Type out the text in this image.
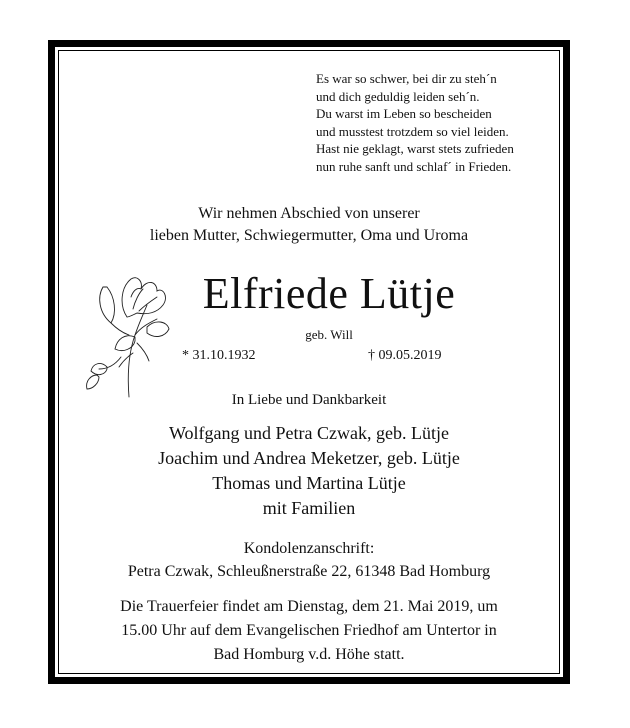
Es war so schwer, bei dir zu steh´n
und dich geduldig leiden seh´n.
Du warst im Leben so bescheiden
und musstest trotzdem so viel leiden.
Hast nie geklagt, warst stets zufrieden
nun ruhe sanft und schlaf´ in Frieden.
Wir nehmen Abschied von unserer
lieben Mutter, Schwiegermutter, Oma und Uroma
Elfriede Lütje
geb. Will
* 31.10.1932	† 09.05.2019
In Liebe und Dankbarkeit
Wolfgang und Petra Czwak, geb. Lütje
Joachim und Andrea Meketzer, geb. Lütje
Thomas und Martina Lütje
mit Familien
Kondolenzanschrift:
Petra Czwak, Schleußnerstraße 22, 61348 Bad Homburg
Die Trauerfeier findet am Dienstag, dem 21. Mai 2019, um
15.00 Uhr auf dem Evangelischen Friedhof am Untertor in
Bad Homburg v.d. Höhe statt.
